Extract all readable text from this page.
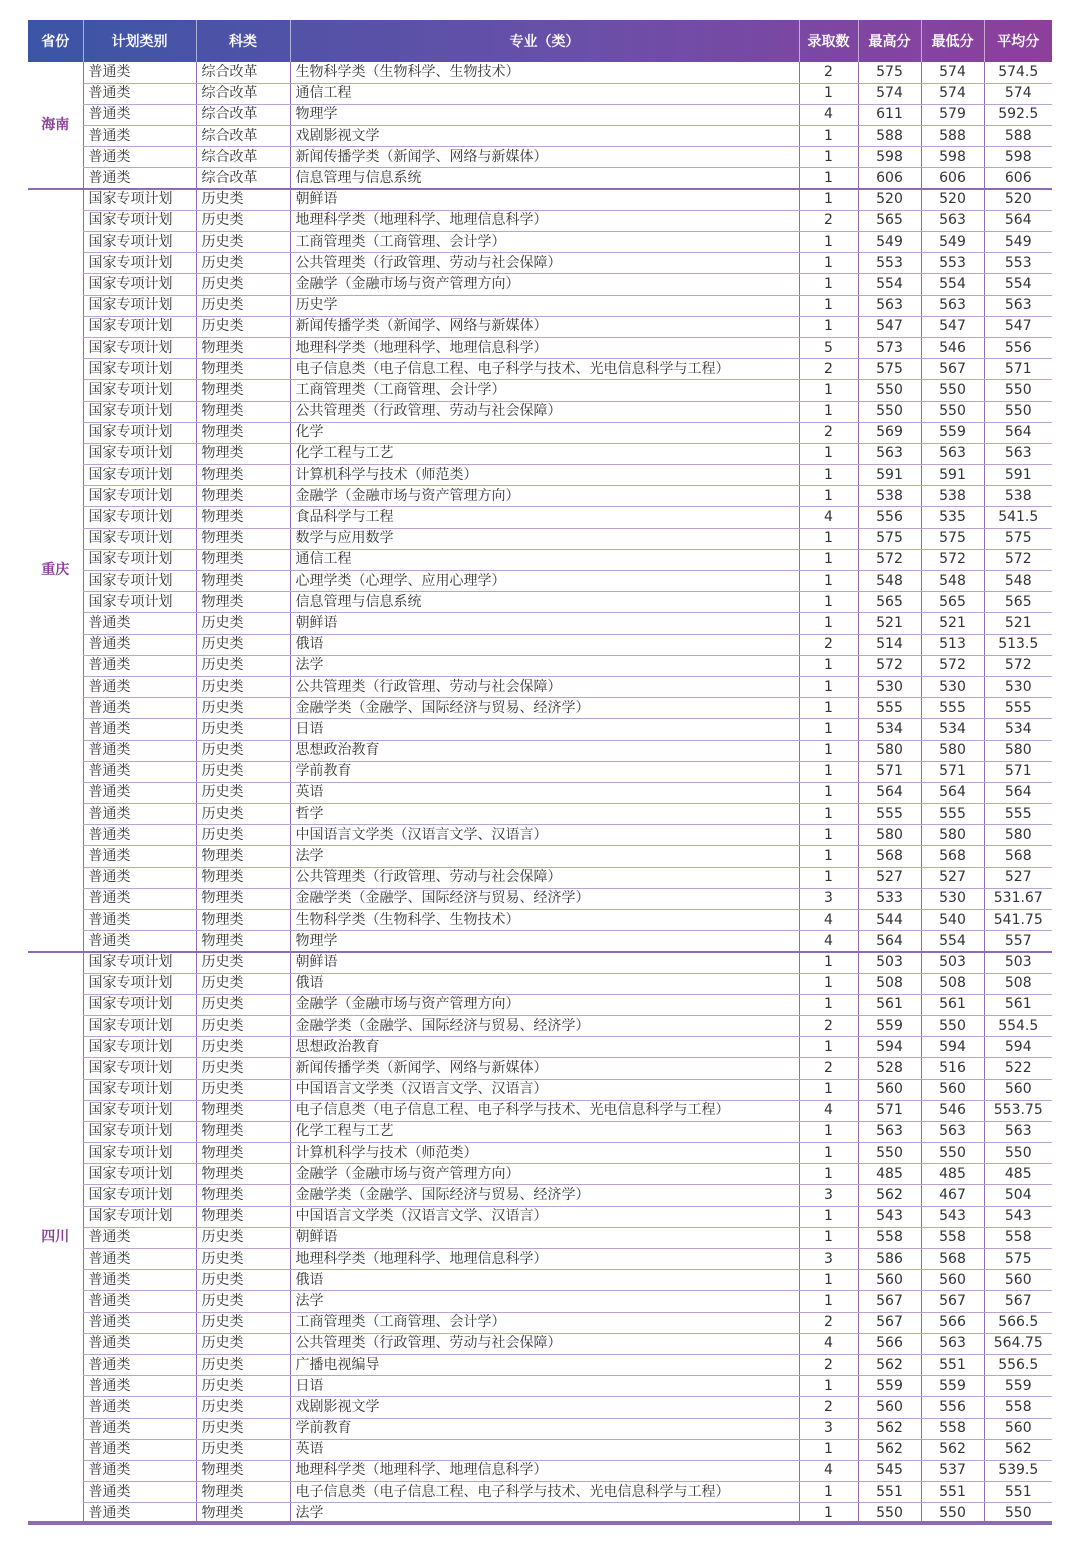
省份	计划类别	科类	专业（类）	录取数	最高分	最低分	平均分
海南	普通类	综合改革	生物科学类（生物科学、生物技术）	2	575	574	574.5
	普通类	综合改革	通信工程	1	574	574	574
	普通类	综合改革	物理学	4	611	579	592.5
	普通类	综合改革	戏剧影视文学	1	588	588	588
	普通类	综合改革	新闻传播学类（新闻学、网络与新媒体）	1	598	598	598
	普通类	综合改革	信息管理与信息系统	1	606	606	606
重庆	国家专项计划	历史类	朝鲜语	1	520	520	520
	国家专项计划	历史类	地理科学类（地理科学、地理信息科学）	2	565	563	564
	国家专项计划	历史类	工商管理类（工商管理、会计学）	1	549	549	549
	国家专项计划	历史类	公共管理类（行政管理、劳动与社会保障）	1	553	553	553
	国家专项计划	历史类	金融学（金融市场与资产管理方向）	1	554	554	554
	国家专项计划	历史类	历史学	1	563	563	563
	国家专项计划	历史类	新闻传播学类（新闻学、网络与新媒体）	1	547	547	547
	国家专项计划	物理类	地理科学类（地理科学、地理信息科学）	5	573	546	556
	国家专项计划	物理类	电子信息类（电子信息工程、电子科学与技术、光电信息科学与工程）	2	575	567	571
	国家专项计划	物理类	工商管理类（工商管理、会计学）	1	550	550	550
	国家专项计划	物理类	公共管理类（行政管理、劳动与社会保障）	1	550	550	550
	国家专项计划	物理类	化学	2	569	559	564
	国家专项计划	物理类	化学工程与工艺	1	563	563	563
	国家专项计划	物理类	计算机科学与技术（师范类）	1	591	591	591
	国家专项计划	物理类	金融学（金融市场与资产管理方向）	1	538	538	538
	国家专项计划	物理类	食品科学与工程	4	556	535	541.5
	国家专项计划	物理类	数学与应用数学	1	575	575	575
	国家专项计划	物理类	通信工程	1	572	572	572
	国家专项计划	物理类	心理学类（心理学、应用心理学）	1	548	548	548
	国家专项计划	物理类	信息管理与信息系统	1	565	565	565
	普通类	历史类	朝鲜语	1	521	521	521
	普通类	历史类	俄语	2	514	513	513.5
	普通类	历史类	法学	1	572	572	572
	普通类	历史类	公共管理类（行政管理、劳动与社会保障）	1	530	530	530
	普通类	历史类	金融学类（金融学、国际经济与贸易、经济学）	1	555	555	555
	普通类	历史类	日语	1	534	534	534
	普通类	历史类	思想政治教育	1	580	580	580
	普通类	历史类	学前教育	1	571	571	571
	普通类	历史类	英语	1	564	564	564
	普通类	历史类	哲学	1	555	555	555
	普通类	历史类	中国语言文学类（汉语言文学、汉语言）	1	580	580	580
	普通类	物理类	法学	1	568	568	568
	普通类	物理类	公共管理类（行政管理、劳动与社会保障）	1	527	527	527
	普通类	物理类	金融学类（金融学、国际经济与贸易、经济学）	3	533	530	531.67
	普通类	物理类	生物科学类（生物科学、生物技术）	4	544	540	541.75
	普通类	物理类	物理学	4	564	554	557
四川	国家专项计划	历史类	朝鲜语	1	503	503	503
	国家专项计划	历史类	俄语	1	508	508	508
	国家专项计划	历史类	金融学（金融市场与资产管理方向）	1	561	561	561
	国家专项计划	历史类	金融学类（金融学、国际经济与贸易、经济学）	2	559	550	554.5
	国家专项计划	历史类	思想政治教育	1	594	594	594
	国家专项计划	历史类	新闻传播学类（新闻学、网络与新媒体）	2	528	516	522
	国家专项计划	历史类	中国语言文学类（汉语言文学、汉语言）	1	560	560	560
	国家专项计划	物理类	电子信息类（电子信息工程、电子科学与技术、光电信息科学与工程）	4	571	546	553.75
	国家专项计划	物理类	化学工程与工艺	1	563	563	563
	国家专项计划	物理类	计算机科学与技术（师范类）	1	550	550	550
	国家专项计划	物理类	金融学（金融市场与资产管理方向）	1	485	485	485
	国家专项计划	物理类	金融学类（金融学、国际经济与贸易、经济学）	3	562	467	504
	国家专项计划	物理类	中国语言文学类（汉语言文学、汉语言）	1	543	543	543
	普通类	历史类	朝鲜语	1	558	558	558
	普通类	历史类	地理科学类（地理科学、地理信息科学）	3	586	568	575
	普通类	历史类	俄语	1	560	560	560
	普通类	历史类	法学	1	567	567	567
	普通类	历史类	工商管理类（工商管理、会计学）	2	567	566	566.5
	普通类	历史类	公共管理类（行政管理、劳动与社会保障）	4	566	563	564.75
	普通类	历史类	广播电视编导	2	562	551	556.5
	普通类	历史类	日语	1	559	559	559
	普通类	历史类	戏剧影视文学	2	560	556	558
	普通类	历史类	学前教育	3	562	558	560
	普通类	历史类	英语	1	562	562	562
	普通类	物理类	地理科学类（地理科学、地理信息科学）	4	545	537	539.5
	普通类	物理类	电子信息类（电子信息工程、电子科学与技术、光电信息科学与工程）	1	551	551	551
	普通类	物理类	法学	1	550	550	550
